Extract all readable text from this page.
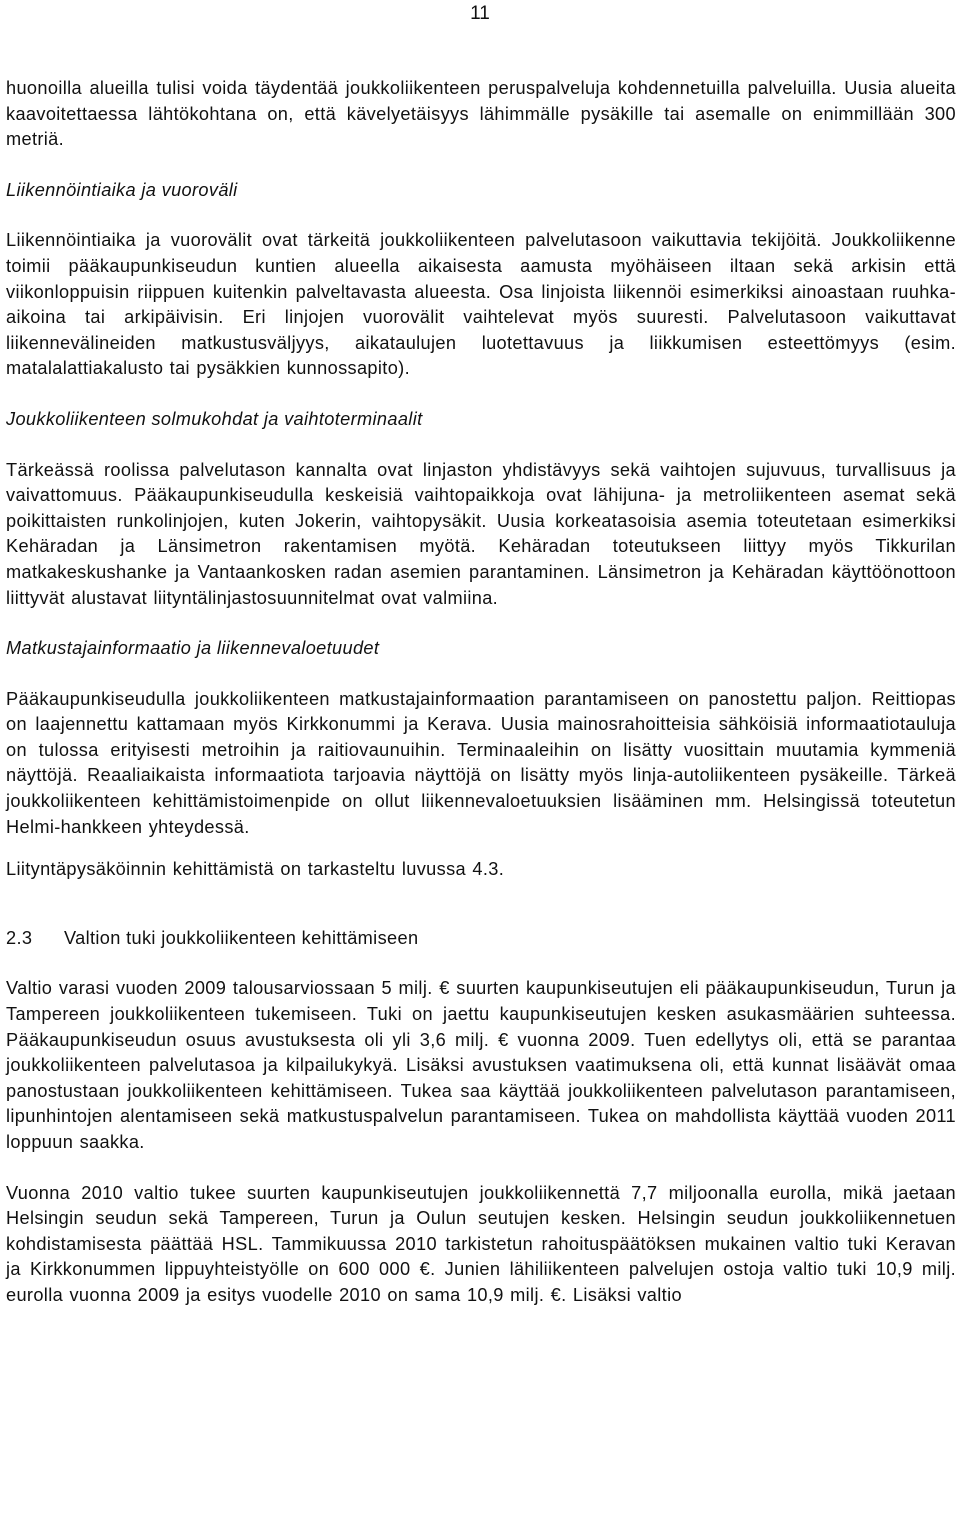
11

huonoilla alueilla tulisi voida täydentää joukkoliikenteen peruspalveluja kohdennetuilla palveluilla. Uusia alueita kaavoitettaessa lähtökohtana on, että kävelyetäisyys lähimmälle pysäkille tai asemalle on enimmillään 300 metriä.

Liikennöintiaika ja vuoroväli

Liikennöintiaika ja vuorovälit ovat tärkeitä joukkoliikenteen palvelutasoon vaikuttavia tekijöitä. Joukkoliikenne toimii pääkaupunkiseudun kuntien alueella aikaisesta aamusta myöhäiseen iltaan sekä arkisin että viikonloppuisin riippuen kuitenkin palveltavasta alueesta. Osa linjoista liikennöi esimerkiksi ainoastaan ruuhka-aikoina tai arkipäivisin. Eri linjojen vuorovälit vaihtelevat myös suuresti. Palvelutasoon vaikuttavat liikennevälineiden matkustusväljyys, aikataulujen luotettavuus ja liikkumisen esteettömyys (esim. matalalattiakalusto tai pysäkkien kunnossapito).

Joukkoliikenteen solmukohdat ja vaihtoterminaalit

Tärkeässä roolissa palvelutason kannalta ovat linjaston yhdistävyys sekä vaihtojen sujuvuus, turvallisuus ja vaivattomuus. Pääkaupunkiseudulla keskeisiä vaihtopaikkoja ovat lähijuna- ja metroliikenteen asemat sekä poikittaisten runkolinjojen, kuten Jokerin, vaihtopysäkit. Uusia korkeatasoisia asemia toteutetaan esimerkiksi Kehäradan ja Länsimetron rakentamisen myötä. Kehäradan toteutukseen liittyy myös Tikkurilan matkakeskushanke ja Vantaankosken radan asemien parantaminen. Länsimetron ja Kehäradan käyttöönottoon liittyvät alustavat liityntälinjastosuunnitelmat ovat valmiina.

Matkustajainformaatio ja liikennevaloetuudet

Pääkaupunkiseudulla joukkoliikenteen matkustajainformaation parantamiseen on panostettu paljon. Reittiopas on laajennettu kattamaan myös Kirkkonummi ja Kerava. Uusia mainosrahoitteisia sähköisiä informaatiotauluja on tulossa erityisesti metroihin ja raitiovaunuihin. Terminaaleihin on lisätty vuosittain muutamia kymmeniä näyttöjä. Reaaliaikaista informaatiota tarjoavia näyttöjä on lisätty myös linja-autoliikenteen pysäkeille. Tärkeä joukkoliikenteen kehittämistoimenpide on ollut liikennevaloetuuksien lisääminen mm. Helsingissä toteutetun Helmi-hankkeen yhteydessä.

Liityntäpysäköinnin kehittämistä on tarkasteltu luvussa 4.3.

2.3 Valtion tuki joukkoliikenteen kehittämiseen

Valtio varasi vuoden 2009 talousarviossaan 5 milj. € suurten kaupunkiseutujen eli pääkaupunkiseudun, Turun ja Tampereen joukkoliikenteen tukemiseen. Tuki on jaettu kaupunkiseutujen kesken asukasmäärien suhteessa. Pääkaupunkiseudun osuus avustuksesta oli yli 3,6 milj. € vuonna 2009. Tuen edellytys oli, että se parantaa joukkoliikenteen palvelutasoa ja kilpailukykyä. Lisäksi avustuksen vaatimuksena oli, että kunnat lisäävät omaa panostustaan joukkoliikenteen kehittämiseen. Tukea saa käyttää joukkoliikenteen palvelutason parantamiseen, lipunhintojen alentamiseen sekä matkustuspalvelun parantamiseen. Tukea on mahdollista käyttää vuoden 2011 loppuun saakka.

Vuonna 2010 valtio tukee suurten kaupunkiseutujen joukkoliikennettä 7,7 miljoonalla eurolla, mikä jaetaan Helsingin seudun sekä Tampereen, Turun ja Oulun seutujen kesken. Helsingin seudun joukkoliikennetuen kohdistamisesta päättää HSL. Tammikuussa 2010 tarkistetun rahoituspäätöksen mukainen valtio tuki Keravan ja Kirkkonummen lippuyhteistyölle on 600 000 €. Junien lähiliikenteen palvelujen ostoja valtio tuki 10,9 milj. eurolla vuonna 2009 ja esitys vuodelle 2010 on sama 10,9 milj. €. Lisäksi valtio
